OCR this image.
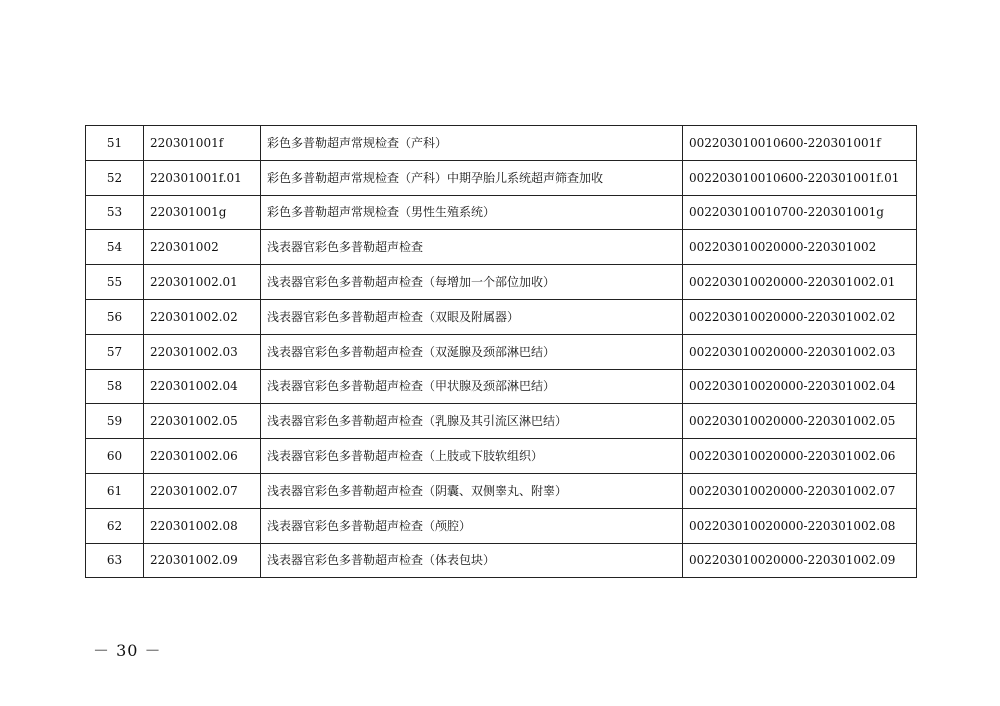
51	220301001f	彩色多普勒超声常规检查（产科）	002203010010600-220301001f
52	220301001f.01	彩色多普勒超声常规检查（产科）中期孕胎儿系统超声筛查加收	002203010010600-220301001f.01
53	220301001g	彩色多普勒超声常规检查（男性生殖系统）	002203010010700-220301001g
54	220301002	浅表器官彩色多普勒超声检查	002203010020000-220301002
55	220301002.01	浅表器官彩色多普勒超声检查（每增加一个部位加收）	002203010020000-220301002.01
56	220301002.02	浅表器官彩色多普勒超声检查（双眼及附属器）	002203010020000-220301002.02
57	220301002.03	浅表器官彩色多普勒超声检查（双涎腺及颈部淋巴结）	002203010020000-220301002.03
58	220301002.04	浅表器官彩色多普勒超声检查（甲状腺及颈部淋巴结）	002203010020000-220301002.04
59	220301002.05	浅表器官彩色多普勒超声检查（乳腺及其引流区淋巴结）	002203010020000-220301002.05
60	220301002.06	浅表器官彩色多普勒超声检查（上肢或下肢软组织）	002203010020000-220301002.06
61	220301002.07	浅表器官彩色多普勒超声检查（阴囊、双侧睾丸、附睾）	002203010020000-220301002.07
62	220301002.08	浅表器官彩色多普勒超声检查（颅腔）	002203010020000-220301002.08
63	220301002.09	浅表器官彩色多普勒超声检查（体表包块）	002203010020000-220301002.09
－ 30 －
